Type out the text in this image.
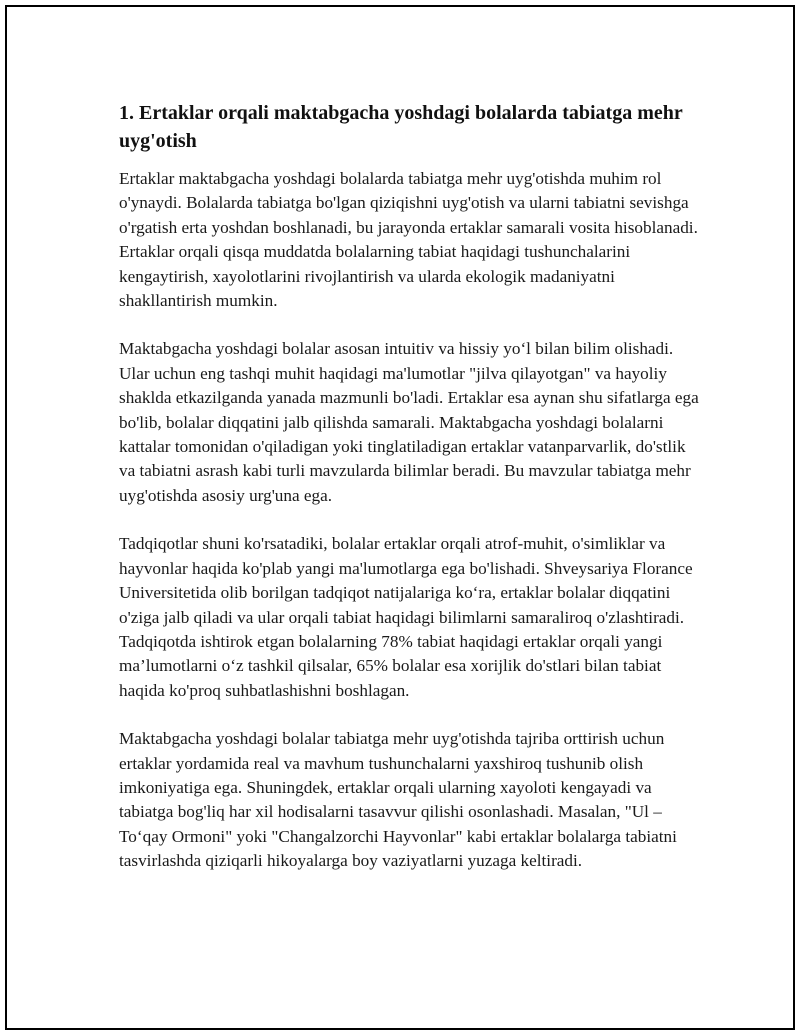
1. Ertaklar orqali maktabgacha yoshdagi bolalarda tabiatga mehr uyg'otish

Ertaklar maktabgacha yoshdagi bolalarda tabiatga mehr uyg'otishda muhim rol o'ynaydi. Bolalarda tabiatga bo'lgan qiziqishni uyg'otish va ularni tabiatni sevishga o'rgatish erta yoshdan boshlanadi, bu jarayonda ertaklar samarali vosita hisoblanadi. Ertaklar orqali qisqa muddatda bolalarning tabiat haqidagi tushunchalarini kengaytirish, xayolotlarini rivojlantirish va ularda ekologik madaniyatni shakllantirish mumkin.

Maktabgacha yoshdagi bolalar asosan intuitiv va hissiy yo‘l bilan bilim olishadi. Ular uchun eng tashqi muhit haqidagi ma'lumotlar "jilva qilayotgan" va hayoliy shaklda etkazilganda yanada mazmunli bo'ladi. Ertaklar esa aynan shu sifatlarga ega bo'lib, bolalar diqqatini jalb qilishda samarali. Maktabgacha yoshdagi bolalarni kattalar tomonidan o'qiladigan yoki tinglatiladigan ertaklar vatanparvarlik, do'stlik va tabiatni asrash kabi turli mavzularda bilimlar beradi. Bu mavzular tabiatga mehr uyg'otishda asosiy urg'una ega.

Tadqiqotlar shuni ko'rsatadiki, bolalar ertaklar orqali atrof-muhit, o'simliklar va hayvonlar haqida ko'plab yangi ma'lumotlarga ega bo'lishadi. Shveysariya Florance Universitetida olib borilgan tadqiqot natijalariga ko‘ra, ertaklar bolalar diqqatini o'ziga jalb qiladi va ular orqali tabiat haqidagi bilimlarni samaraliroq o'zlashtiradi. Tadqiqotda ishtirok etgan bolalarning 78% tabiat haqidagi ertaklar orqali yangi ma’lumotlarni o‘z tashkil qilsalar, 65% bolalar esa xorijlik do'stlari bilan tabiat haqida ko'proq suhbatlashishni boshlagan.

Maktabgacha yoshdagi bolalar tabiatga mehr uyg'otishda tajriba orttirish uchun ertaklar yordamida real va mavhum tushunchalarni yaxshiroq tushunib olish imkoniyatiga ega. Shuningdek, ertaklar orqali ularning xayoloti kengayadi va tabiatga bog'liq har xil hodisalarni tasavvur qilishi osonlashadi. Masalan, "Ul – To‘qay Ormoni" yoki "Changalzorchi Hayvonlar" kabi ertaklar bolalarga tabiatni tasvirlashda qiziqarli hikoyalarga boy vaziyatlarni yuzaga keltiradi.
